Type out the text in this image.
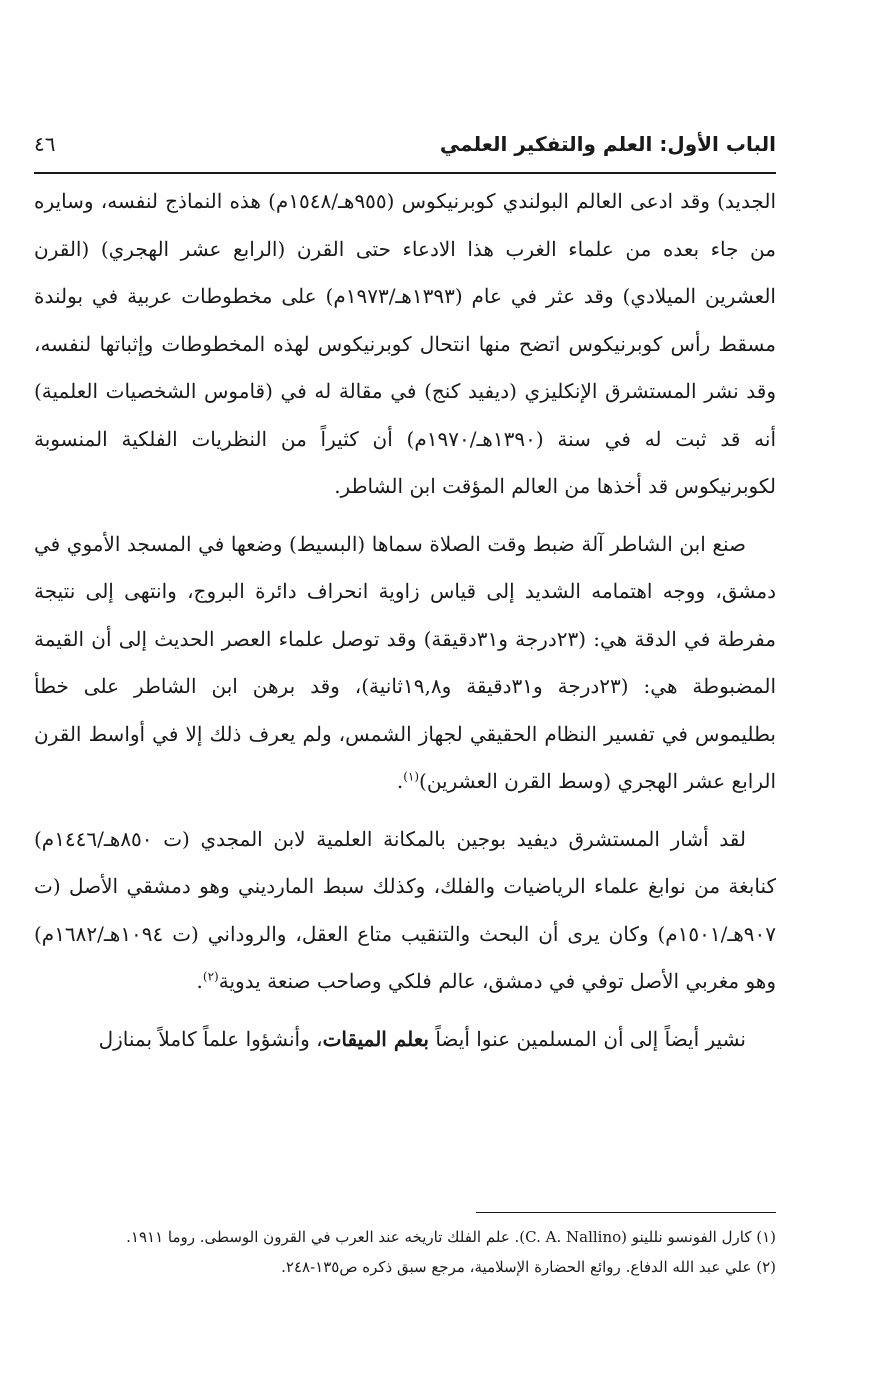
الباب الأول: العلم والتفكير العلمي
٤٦

الجديد) وقد ادعى العالم البولندي كوبرنيكوس (٩٥٥هـ/١٥٤٨م) هذه النماذج لنفسه، وسايره من جاء بعده من علماء الغرب هذا الادعاء حتى القرن (الرابع عشر الهجري) (القرن العشرين الميلادي) وقد عثر في عام (١٣٩٣هـ/١٩٧٣م) على مخطوطات عربية في بولندة مسقط رأس كوبرنيكوس اتضح منها انتحال كوبرنيكوس لهذه المخطوطات وإثباتها لنفسه، وقد نشر المستشرق الإنكليزي (ديفيد كنج) في مقالة له في (قاموس الشخصيات العلمية) أنه قد ثبت له في سنة (١٣٩٠هـ/١٩٧٠م) أن كثيراً من النظريات الفلكية المنسوبة لكوبرنيكوس قد أخذها من العالم المؤقت ابن الشاطر.

صنع ابن الشاطر آلة ضبط وقت الصلاة سماها (البسيط) وضعها في المسجد الأموي في دمشق، ووجه اهتمامه الشديد إلى قياس زاوية انحراف دائرة البروج، وانتهى إلى نتيجة مفرطة في الدقة هي: (٢٣درجة و٣١دقيقة) وقد توصل علماء العصر الحديث إلى أن القيمة المضبوطة هي: (٢٣درجة و٣١دقيقة و١٩,٨ثانية)، وقد برهن ابن الشاطر على خطأ بطليموس في تفسير النظام الحقيقي لجهاز الشمس، ولم يعرف ذلك إلا في أواسط القرن الرابع عشر الهجري (وسط القرن العشرين)$^{(١)}$.

لقد أشار المستشرق ديفيد بوجين بالمكانة العلمية لابن المجدي (ت ٨٥٠هـ/١٤٤٦م) كنابغة من نوابغ علماء الرياضيات والفلك، وكذلك سبط المارديني وهو دمشقي الأصل (ت ٩٠٧هـ/١٥٠١م) وكان يرى أن البحث والتنقيب متاع العقل، والروداني (ت ١٠٩٤هـ/١٦٨٢م) وهو مغربي الأصل توفي في دمشق، عالم فلكي وصاحب صنعة يدوية$^{(٢)}$.

نشير أيضاً إلى أن المسلمين عنوا أيضاً بعلم الميقات، وأنشؤوا علماً كاملاً بمنازل

(١) كارل الفونسو نللينو (C. A. Nallino). علم الفلك تاريخه عند العرب في القرون الوسطى. روما ١٩١١.

(٢) علي عبد الله الدفاع. روائع الحضارة الإسلامية، مرجع سبق ذكره ص١٣٥-٢٤٨.
